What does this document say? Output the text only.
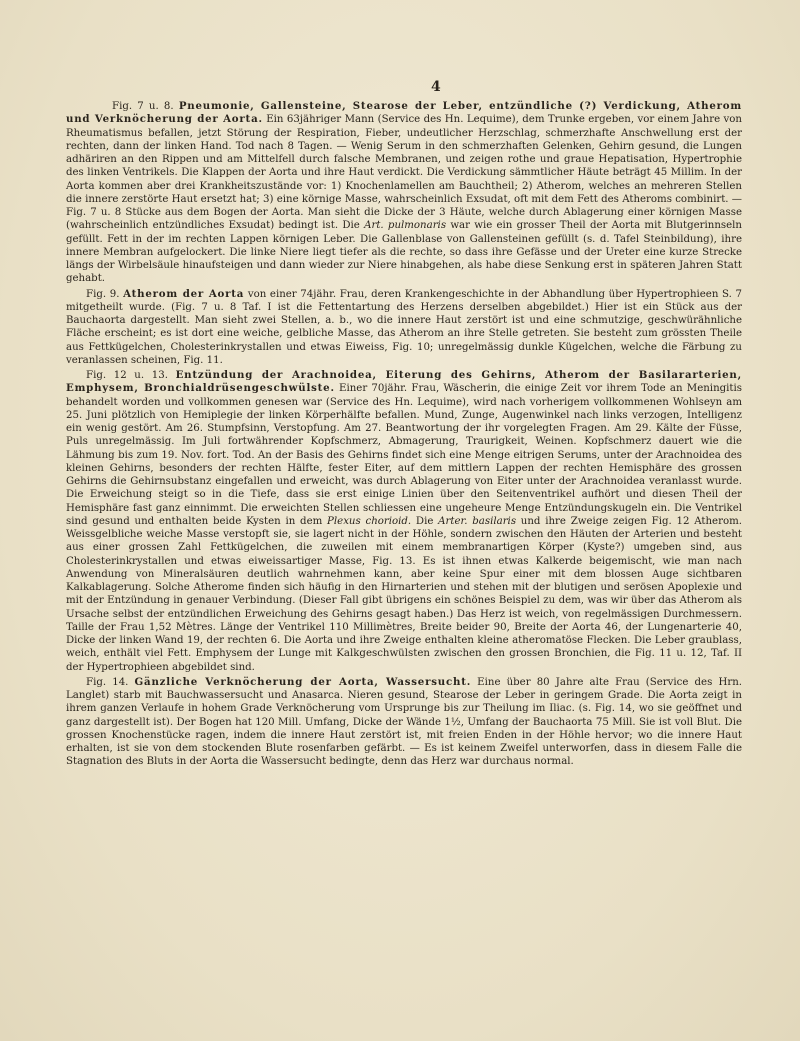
4

Fig. 7 u. 8. Pneumonie, Gallensteine, Stearose der Leber, entzündliche (?) Verdickung, Atherom und Verknöcherung der Aorta. Ein 63jähriger Mann (Service des Hn. Lequime), dem Trunke ergeben, vor einem Jahre von Rheumatismus befallen, jetzt Störung der Respiration, Fieber, undeutlicher Herzschlag, schmerzhafte Anschwellung erst der rechten, dann der linken Hand. Tod nach 8 Tagen. — Wenig Serum in den schmerzhaften Gelenken, Gehirn gesund, die Lungen adhäriren an den Rippen und am Mittelfell durch falsche Membranen, und zeigen rothe und graue Hepatisation, Hypertrophie des linken Ventrikels. Die Klappen der Aorta und ihre Haut verdickt. Die Verdickung sämmtlicher Häute beträgt 45 Millim. In der Aorta kommen aber drei Krankheitszustände vor: 1) Knochenlamellen am Bauchtheil; 2) Atherom, welches an mehreren Stellen die innere zerstörte Haut ersetzt hat; 3) eine körnige Masse, wahrscheinlich Exsudat, oft mit dem Fett des Atheroms combinirt. — Fig. 7 u. 8 Stücke aus dem Bogen der Aorta. Man sieht die Dicke der 3 Häute, welche durch Ablagerung einer körnigen Masse (wahrscheinlich entzündliches Exsudat) bedingt ist. Die Art. pulmonaris war wie ein grosser Theil der Aorta mit Blutgerinnseln gefüllt. Fett in der im rechten Lappen körnigen Leber. Die Gallenblase von Gallensteinen gefüllt (s. d. Tafel Steinbildung), ihre innere Membran aufgelockert. Die linke Niere liegt tiefer als die rechte, so dass ihre Gefässe und der Ureter eine kurze Strecke längs der Wirbelsäule hinaufsteigen und dann wieder zur Niere hinabgehen, als habe diese Senkung erst in späteren Jahren Statt gehabt.

Fig. 9. Atherom der Aorta von einer 74jähr. Frau, deren Krankengeschichte in der Abhandlung über Hypertrophieen S. 7 mitgetheilt wurde. (Fig. 7 u. 8 Taf. I ist die Fettentartung des Herzens derselben abgebildet.) Hier ist ein Stück aus der Bauchaorta dargestellt. Man sieht zwei Stellen, a. b., wo die innere Haut zerstört ist und eine schmutzige, geschwürähnliche Fläche erscheint; es ist dort eine weiche, gelbliche Masse, das Atherom an ihre Stelle getreten. Sie besteht zum grössten Theile aus Fettkügelchen, Cholesterinkrystallen und etwas Eiweiss, Fig. 10; unregelmässig dunkle Kügelchen, welche die Färbung zu veranlassen scheinen, Fig. 11.

Fig. 12 u. 13. Entzündung der Arachnoidea, Eiterung des Gehirns, Atherom der Basilararterien, Emphysem, Bronchialdrüsengeschwülste. Einer 70jähr. Frau, Wäscherin, die einige Zeit vor ihrem Tode an Meningitis behandelt worden und vollkommen genesen war (Service des Hn. Lequime), wird nach vorherigem vollkommenen Wohlseyn am 25. Juni plötzlich von Hemiplegie der linken Körperhälfte befallen. Mund, Zunge, Augenwinkel nach links verzogen, Intelligenz ein wenig gestört. Am 26. Stumpfsinn, Verstopfung. Am 27. Beantwortung der ihr vorgelegten Fragen. Am 29. Kälte der Füsse, Puls unregelmässig. Im Juli fortwährender Kopfschmerz, Abmagerung, Traurigkeit, Weinen. Kopfschmerz dauert wie die Lähmung bis zum 19. Nov. fort. Tod. An der Basis des Gehirns findet sich eine Menge eitrigen Serums, unter der Arachnoidea des kleinen Gehirns, besonders der rechten Hälfte, fester Eiter, auf dem mittlern Lappen der rechten Hemisphäre des grossen Gehirns die Gehirnsubstanz eingefallen und erweicht, was durch Ablagerung von Eiter unter der Arachnoidea veranlasst wurde. Die Erweichung steigt so in die Tiefe, dass sie erst einige Linien über den Seitenventrikel aufhört und diesen Theil der Hemisphäre fast ganz einnimmt. Die erweichten Stellen schliessen eine ungeheure Menge Entzündungskugeln ein. Die Ventrikel sind gesund und enthalten beide Kysten in dem Plexus chorioid. Die Arter. basilaris und ihre Zweige zeigen Fig. 12 Atherom. Weissgelbliche weiche Masse verstopft sie, sie lagert nicht in der Höhle, sondern zwischen den Häuten der Arterien und besteht aus einer grossen Zahl Fettkügelchen, die zuweilen mit einem membranartigen Körper (Kyste?) umgeben sind, aus Cholesterinkrystallen und etwas eiweissartiger Masse, Fig. 13. Es ist ihnen etwas Kalkerde beigemischt, wie man nach Anwendung von Mineralsäuren deutlich wahrnehmen kann, aber keine Spur einer mit dem blossen Auge sichtbaren Kalkablagerung. Solche Atherome finden sich häufig in den Hirnarterien und stehen mit der blutigen und serösen Apoplexie und mit der Entzündung in genauer Verbindung. (Dieser Fall gibt übrigens ein schönes Beispiel zu dem, was wir über das Atherom als Ursache selbst der entzündlichen Erweichung des Gehirns gesagt haben.) Das Herz ist weich, von regelmässigen Durchmessern. Taille der Frau 1,52 Mètres. Länge der Ventrikel 110 Millimètres, Breite beider 90, Breite der Aorta 46, der Lungenarterie 40, Dicke der linken Wand 19, der rechten 6. Die Aorta und ihre Zweige enthalten kleine atheromatöse Flecken. Die Leber graublass, weich, enthält viel Fett. Emphysem der Lunge mit Kalkgeschwülsten zwischen den grossen Bronchien, die Fig. 11 u. 12, Taf. II der Hypertrophieen abgebildet sind.

Fig. 14. Gänzliche Verknöcherung der Aorta, Wassersucht. Eine über 80 Jahre alte Frau (Service des Hrn. Langlet) starb mit Bauchwassersucht und Anasarca. Nieren gesund, Stearose der Leber in geringem Grade. Die Aorta zeigt in ihrem ganzen Verlaufe in hohem Grade Verknöcherung vom Ursprunge bis zur Theilung im Iliac. (s. Fig. 14, wo sie geöffnet und ganz dargestellt ist). Der Bogen hat 120 Mill. Umfang, Dicke der Wände 1½, Umfang der Bauchaorta 75 Mill. Sie ist voll Blut. Die grossen Knochenstücke ragen, indem die innere Haut zerstört ist, mit freien Enden in der Höhle hervor; wo die innere Haut erhalten, ist sie von dem stockenden Blute rosenfarben gefärbt. — Es ist keinem Zweifel unterworfen, dass in diesem Falle die Stagnation des Bluts in der Aorta die Wassersucht bedingte, denn das Herz war durchaus normal.
